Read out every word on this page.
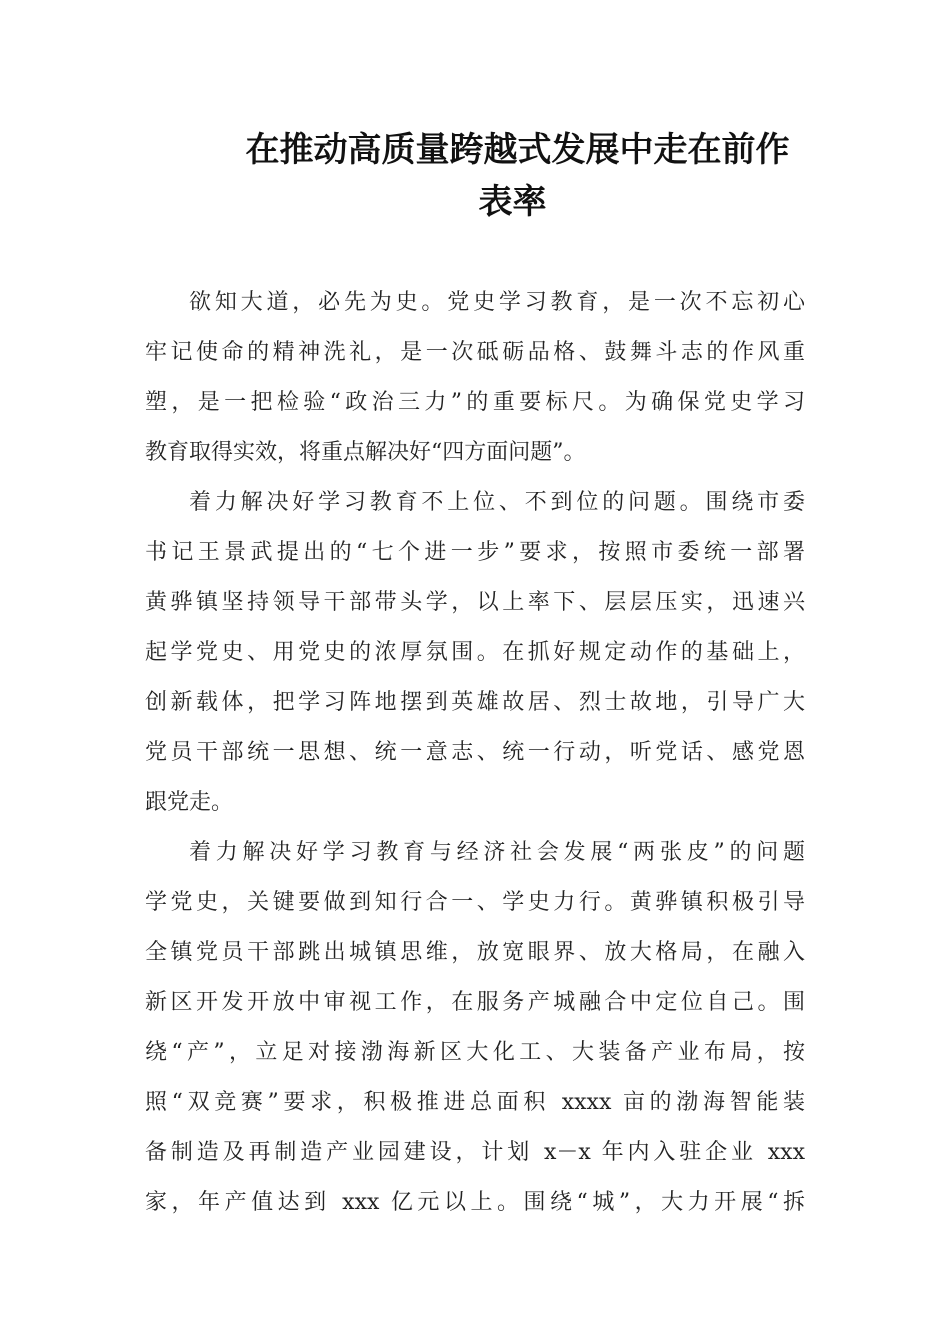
在推动高质量跨越式发展中走在前作
表率
欲知大道，必先为史。党史学习教育，是一次不忘初心
牢记使命的精神洗礼，是一次砥砺品格、鼓舞斗志的作风重
塑，是一把检验“政治三力”的重要标尺。为确保党史学习
教育取得实效，将重点解决好“四方面问题”。
着力解决好学习教育不上位、不到位的问题。围绕市委
书记王景武提出的“七个进一步”要求，按照市委统一部署
黄骅镇坚持领导干部带头学，以上率下、层层压实，迅速兴
起学党史、用党史的浓厚氛围。在抓好规定动作的基础上，
创新载体，把学习阵地摆到英雄故居、烈士故地，引导广大
党员干部统一思想、统一意志、统一行动，听党话、感党恩
跟党走。
着力解决好学习教育与经济社会发展“两张皮”的问题
学党史，关键要做到知行合一、学史力行。黄骅镇积极引导
全镇党员干部跳出城镇思维，放宽眼界、放大格局，在融入
新区开发开放中审视工作，在服务产城融合中定位自己。围
绕“产”，立足对接渤海新区大化工、大装备产业布局，按
照“双竞赛”要求，积极推进总面积 xxxx 亩的渤海智能装
备制造及再制造产业园建设，计划 x－x 年内入驻企业 xxx
家，年产值达到 xxx 亿元以上。围绕“城”，大力开展“拆
